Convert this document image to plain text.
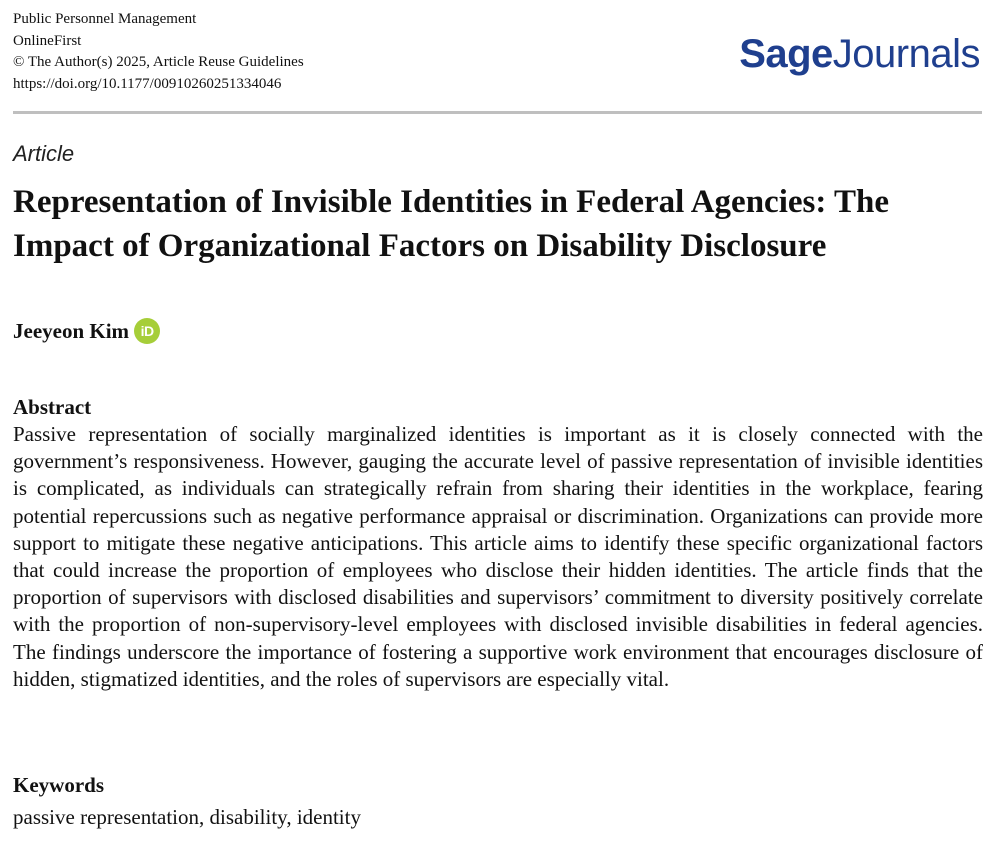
Public Personnel Management
OnlineFirst
© The Author(s) 2025, Article Reuse Guidelines
https://doi.org/10.1177/00910260251334046
SageJournals
Article
Representation of Invisible Identities in Federal Agencies: The Impact of Organizational Factors on Disability Disclosure
Jeeyeon Kim iD
Abstract

Passive representation of socially marginalized identities is important as it is closely connected with the government’s responsiveness. However, gauging the accurate level of passive representation of invisible identities is complicated, as individuals can strategically refrain from sharing their identities in the workplace, fearing potential repercussions such as negative performance appraisal or discrimination. Organizations can provide more support to mitigate these negative anticipations. This article aims to identify these specific organizational factors that could increase the proportion of employees who disclose their hidden identities. The article finds that the proportion of supervisors with disclosed disabilities and supervisors’ commitment to diversity positively correlate with the proportion of non-supervisory-level employees with disclosed invisible disabilities in federal agencies. The findings underscore the importance of fostering a supportive work environment that encourages disclosure of hidden, stigmatized identities, and the roles of supervisors are especially vital.

Keywords
passive representation, disability, identity
